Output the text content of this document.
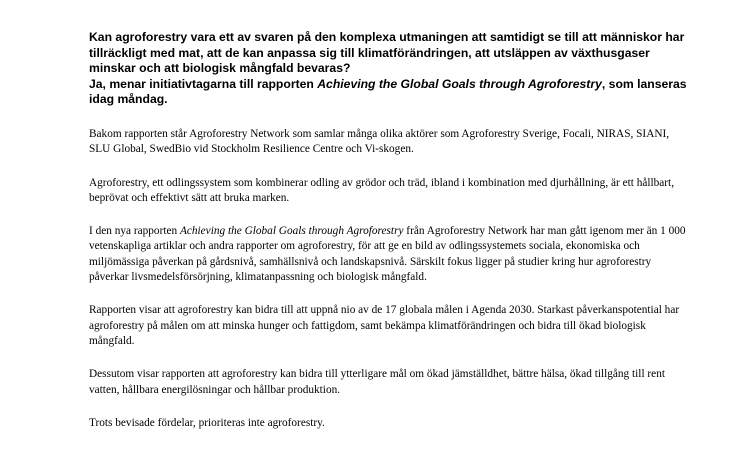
Kan agroforestry vara ett av svaren på den komplexa utmaningen att samtidigt se till att människor har tillräckligt med mat, att de kan anpassa sig till klimatförändringen, att utsläppen av växthusgaser minskar och att biologisk mångfald bevaras?

Ja, menar initiativtagarna till rapporten Achieving the Global Goals through Agroforestry, som lanseras idag måndag.

Bakom rapporten står Agroforestry Network som samlar många olika aktörer som Agroforestry Sverige, Focali, NIRAS, SIANI, SLU Global, SwedBio vid Stockholm Resilience Centre och Vi-skogen.

Agroforestry, ett odlingssystem som kombinerar odling av grödor och träd, ibland i kombination med djurhållning, är ett hållbart, beprövat och effektivt sätt att bruka marken.

I den nya rapporten Achieving the Global Goals through Agroforestry från Agroforestry Network har man gått igenom mer än 1 000 vetenskapliga artiklar och andra rapporter om agroforestry, för att ge en bild av odlingssystemets sociala, ekonomiska och miljömässiga påverkan på gårdsnivå, samhällsnivå och landskapsnivå. Särskilt fokus ligger på studier kring hur agroforestry påverkar livsmedelsförsörjning, klimatanpassning och biologisk mångfald.

Rapporten visar att agroforestry kan bidra till att uppnå nio av de 17 globala målen i Agenda 2030. Starkast påverkanspotential har agroforestry på målen om att minska hunger och fattigdom, samt bekämpa klimatförändringen och bidra till ökad biologisk mångfald.

Dessutom visar rapporten att agroforestry kan bidra till ytterligare mål om ökad jämställdhet, bättre hälsa, ökad tillgång till rent vatten, hållbara energilösningar och hållbar produktion.

Trots bevisade fördelar, prioriteras inte agroforestry.
